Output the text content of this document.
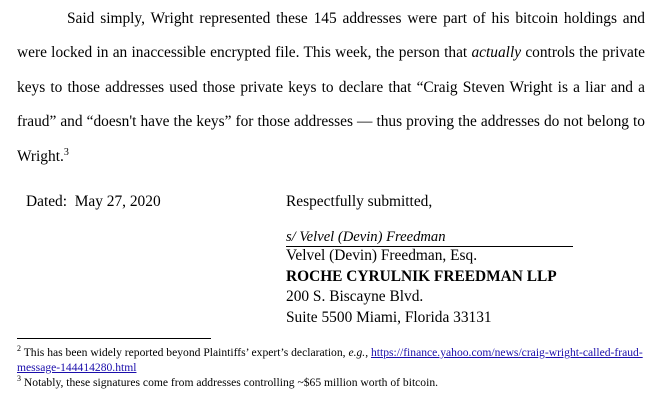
Said simply, Wright represented these 145 addresses were part of his bitcoin holdings and were locked in an inaccessible encrypted file. This week, the person that actually controls the private keys to those addresses used those private keys to declare that “Craig Steven Wright is a liar and a fraud” and “doesn't have the keys” for those addresses — thus proving the addresses do not belong to Wright.$^3$
Dated:  May 27, 2020	Respectfully submitted,
s/ Velvel (Devin) Freedman
Velvel (Devin) Freedman, Esq.
ROCHE CYRULNIK FREEDMAN LLP
200 S. Biscayne Blvd.
Suite 5500 Miami, Florida 33131
$^2$ This has been widely reported beyond Plaintiffs’ expert’s declaration, e.g., https://finance.yahoo.com/news/craig-wright-called-fraud-message-144414280.html
$^3$ Notably, these signatures come from addresses controlling ~$65 million worth of bitcoin.
